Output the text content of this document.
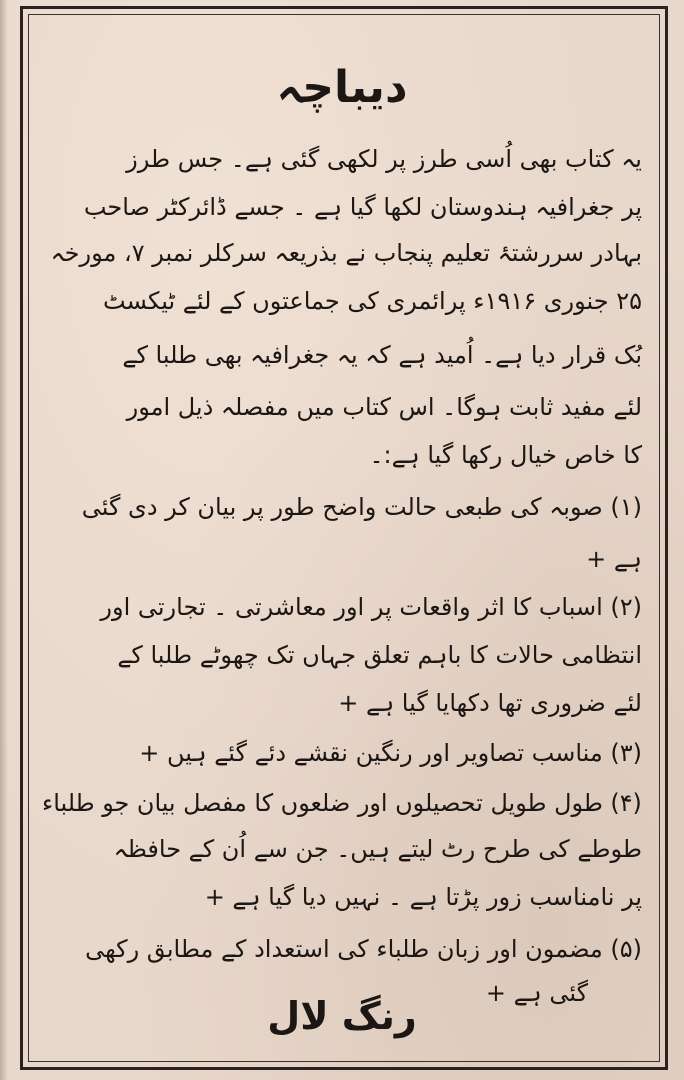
دیباچہ
یہ کتاب بھی اُسی طرز پر لکھی گئی ہے۔ جس طرز
پر جغرافیہ ہندوستان لکھا گیا ہے ۔ جسے ڈائرکٹر صاحب
بہادر سررشتۂ تعلیم پنجاب نے بذریعہ سرکلر نمبر ۷، مورخہ
۲۵ جنوری ۱۹۱۶ء پرائمری کی جماعتوں کے لئے ٹیکسٹ
بُک قرار دیا ہے۔ اُمید ہے کہ یہ جغرافیہ بھی طلبا کے
لئے مفید ثابت ہوگا۔ اس کتاب میں مفصلہ ذیل امور
کا خاص خیال رکھا گیا ہے:۔
(۱) صوبہ کی طبعی حالت واضح طور پر بیان کر دی گئی
ہے +
(۲) اسباب کا اثر واقعات پر اور معاشرتی ۔ تجارتی اور
انتظامی حالات کا باہم تعلق جہاں تک چھوٹے طلبا کے
لئے ضروری تھا دکھایا گیا ہے +
(۳) مناسب تصاویر اور رنگین نقشے دئے گئے ہیں +
(۴) طول طویل تحصیلوں اور ضلعوں کا مفصل بیان جو طلباء
طوطے کی طرح رٹ لیتے ہیں۔ جن سے اُن کے حافظہ
پر نامناسب زور پڑتا ہے ۔ نہیں دیا گیا ہے +
(۵) مضمون اور زبان طلباء کی استعداد کے مطابق رکھی
گئی ہے +
رنگ لال
